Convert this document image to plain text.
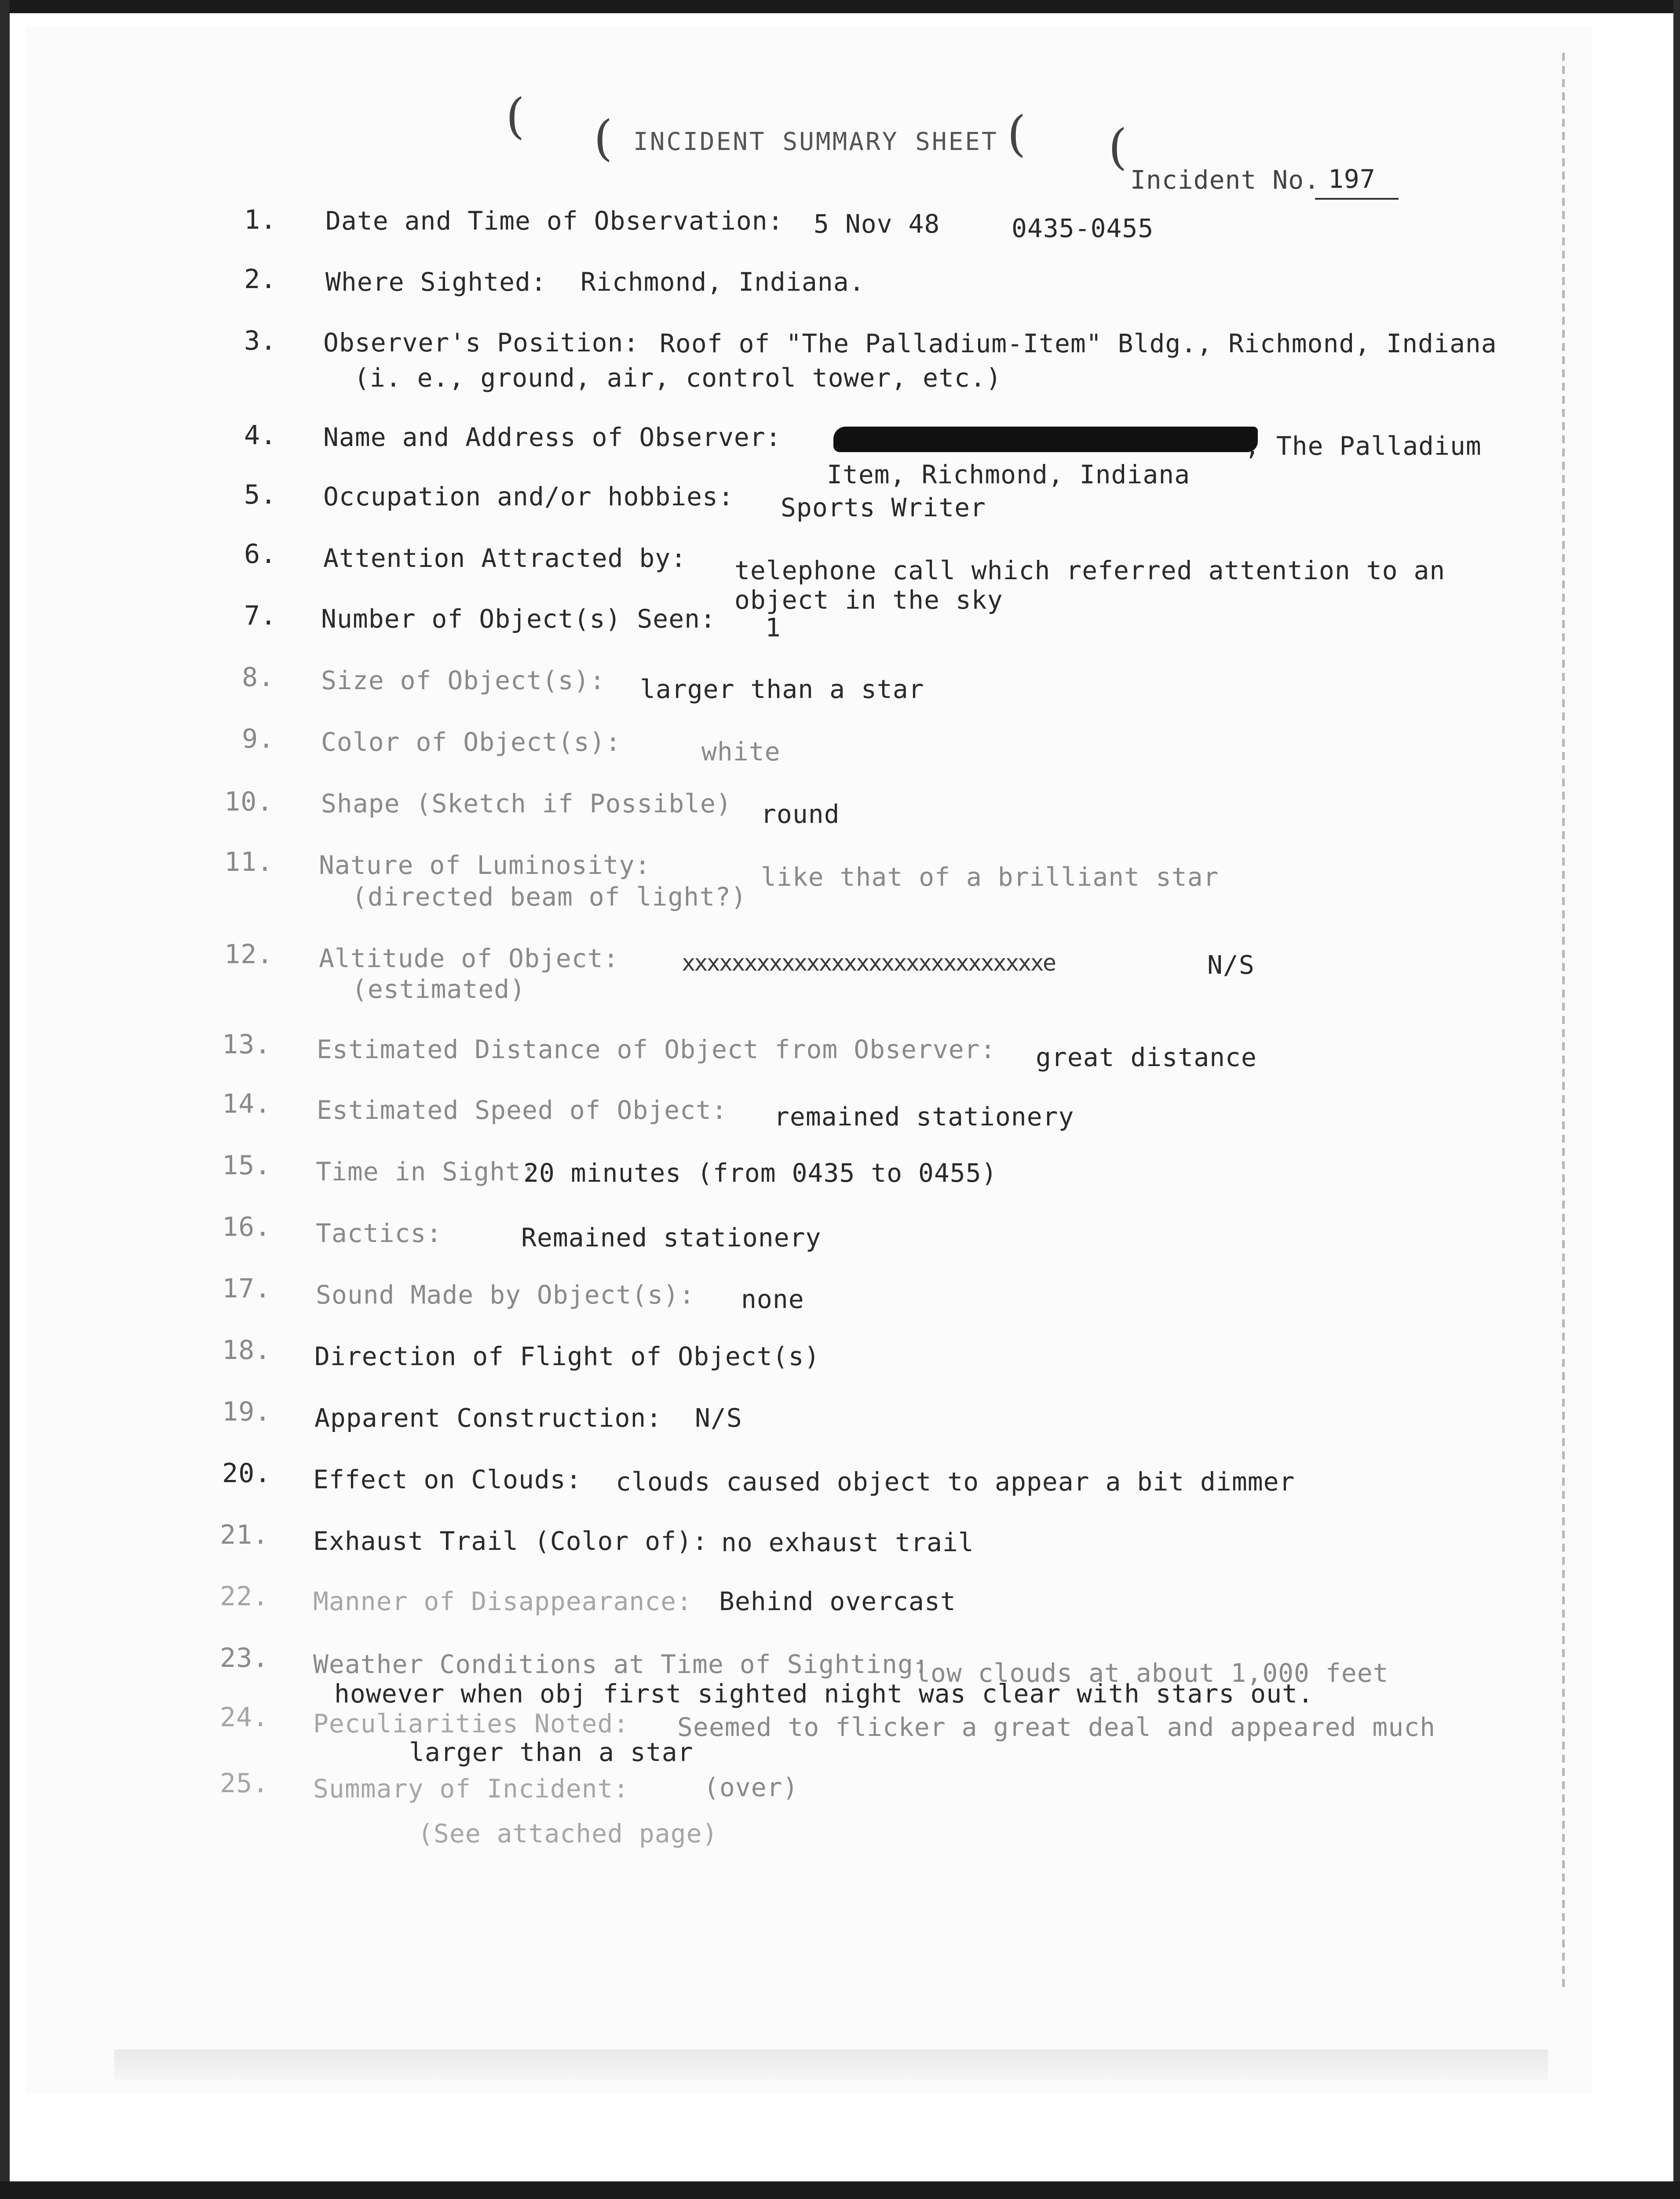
( (	( (
INCIDENT SUMMARY SHEET
Incident No. 197
1. Date and Time of Observation: 5 Nov 48	0435-0455
2. Where Sighted: Richmond, Indiana.
3. Observer's Position: Roof of "The Palladium-Item" Bldg., Richmond, Indiana
(i. e., ground, air, control tower, etc.)
4. Name and Address of Observer:	, The Palladium
Item, Richmond, Indiana
5. Occupation and/or hobbies: Sports Writer
6. Attention Attracted by: telephone call which referred attention to an
object in the sky
7. Number of Object(s) Seen: 1
8. Size of Object(s): larger than a star
9. Color of Object(s):	white
10. Shape (Sketch if Possible) round
11. Nature of Luminosity:
(directed beam of light?)
like that of a brilliant star
12. Altitude of Object:
(estimated)
xxxxxxxxxxxxxxxxxxxxxxxxxxxxxe	N/S
13. Estimated Distance of Object from Observer: great distance
14. Estimated Speed of Object: remained stationery
15. Time in Sight:
20 minutes (from 0435 to 0455)
16. Tactics:	Remained stationery
17. Sound Made by Object(s): none
18. Direction of Flight of Object(s)
19. Apparent Construction: N/S
20. Effect on Clouds: clouds caused object to appear a bit dimmer
21. Exhaust Trail (Color of): no exhaust trail
22. Manner of Disappearance: Behind overcast
23. Weather Conditions at Time of Sighting:
low clouds at about 1,000 feet
however when obj first sighted night was clear with stars out.
24. Peculiarities Noted: Seemed to flicker a great deal and appeared much
larger than a star
25. Summary of Incident:	(over)
(See attached page)
